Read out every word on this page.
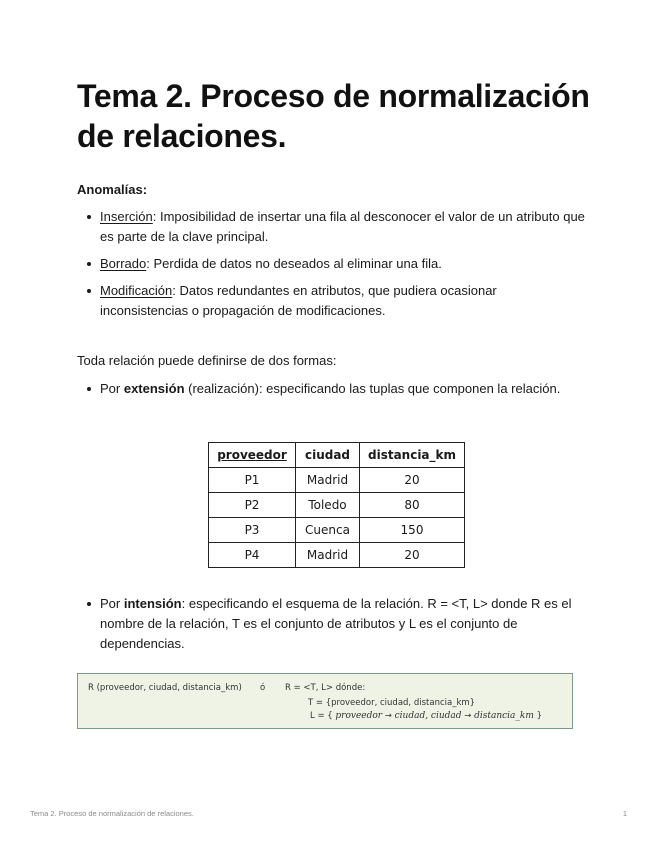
Tema 2. Proceso de normalización de relaciones.

Anomalías:

Inserción: Imposibilidad de insertar una fila al desconocer el valor de un atributo que es parte de la clave principal.
Borrado: Perdida de datos no deseados al eliminar una fila.
Modificación: Datos redundantes en atributos, que pudiera ocasionar inconsistencias o propagación de modificaciones.

Toda relación puede definirse de dos formas:

Por extensión (realización): especificando las tuplas que componen la relación.
proveedor	ciudad	distancia_km
P1	Madrid	20
P2	Toledo	80
P3	Cuenca	150
P4	Madrid	20
Por intensión: especificando el esquema de la relación. R = <T, L> donde R es el nombre de la relación, T es el conjunto de atributos y L es el conjunto de dependencias.
R (proveedor, ciudad, distancia_km) ó R = <T, L> dónde:
T = {proveedor, ciudad, distancia_km}
L = { proveedor → ciudad, ciudad → distancia_km }
Tema 2. Proceso de normalización de relaciones.	1
